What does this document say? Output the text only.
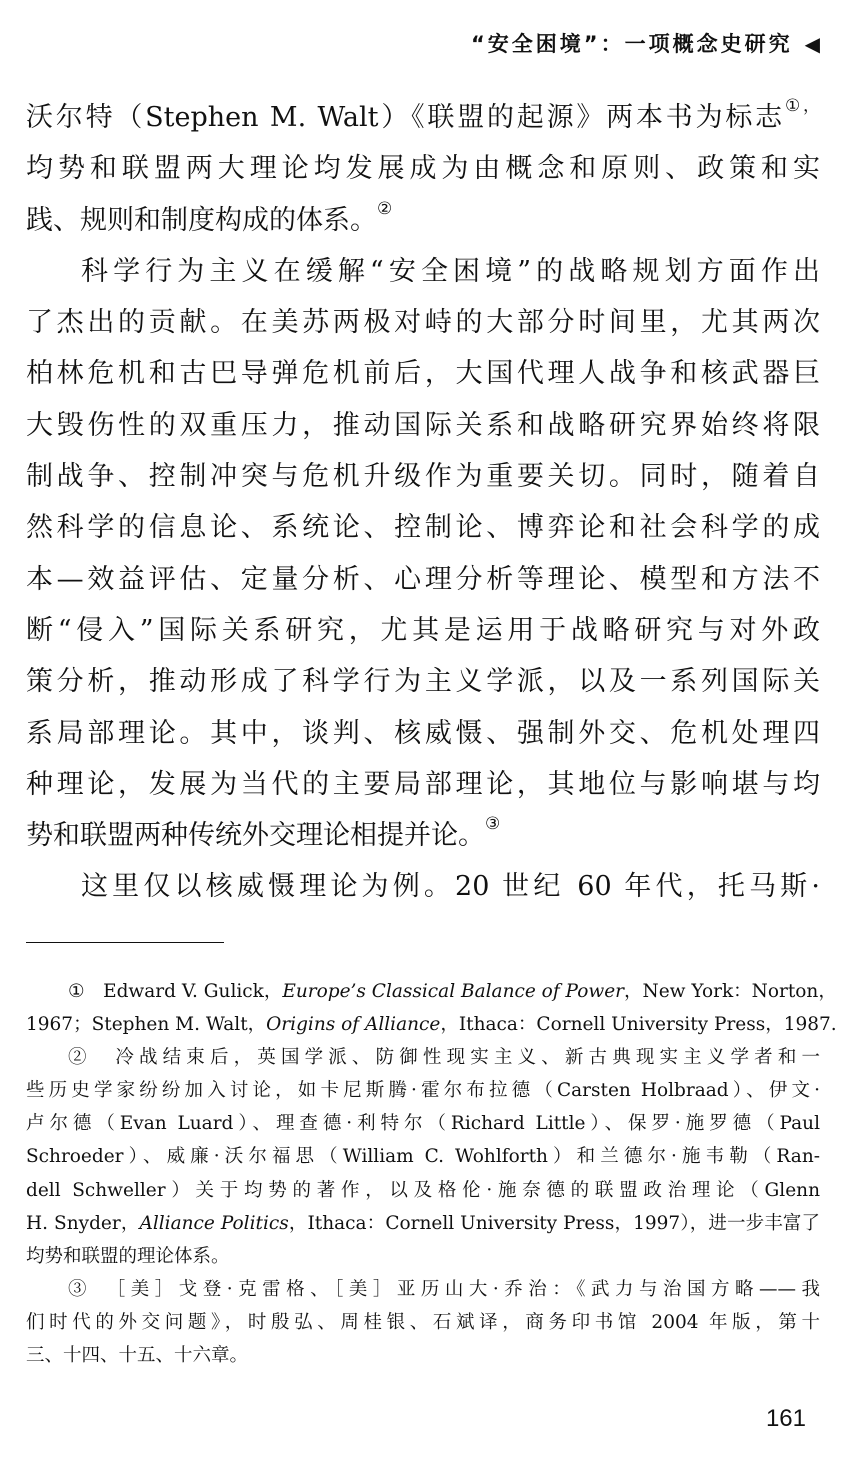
“安全困境”：一项概念史研究 ◀
沃尔特（Stephen M. Walt）《联盟的起源》两本书为标志①，
均势和联盟两大理论均发展成为由概念和原则、政策和实
践、规则和制度构成的体系。②
科学行为主义在缓解“安全困境”的战略规划方面作出
了杰出的贡献。在美苏两极对峙的大部分时间里，尤其两次
柏林危机和古巴导弹危机前后，大国代理人战争和核武器巨
大毁伤性的双重压力，推动国际关系和战略研究界始终将限
制战争、控制冲突与危机升级作为重要关切。同时，随着自
然科学的信息论、系统论、控制论、博弈论和社会科学的成
本—效益评估、定量分析、心理分析等理论、模型和方法不
断“侵入”国际关系研究，尤其是运用于战略研究与对外政
策分析，推动形成了科学行为主义学派，以及一系列国际关
系局部理论。其中，谈判、核威慑、强制外交、危机处理四
种理论，发展为当代的主要局部理论，其地位与影响堪与均
势和联盟两种传统外交理论相提并论。③
这里仅以核威慑理论为例。20 世纪 60 年代，托马斯·
①　Edward V. Gulick，Europe’s Classical Balance of Power，New York：Norton，
1967；Stephen M. Walt，Origins of Alliance，Ithaca：Cornell University Press，1987.
②　冷战结束后，英国学派、防御性现实主义、新古典现实主义学者和一
些历史学家纷纷加入讨论，如卡尼斯腾·霍尔布拉德（Carsten Holbraad）、伊文·
卢尔德（Evan Luard）、理查德·利特尔（Richard Little）、保罗·施罗德（Paul
Schroeder）、威廉·沃尔福思（William C. Wohlforth）和兰德尔·施韦勒（Ran-
dell Schweller）关于均势的著作，以及格伦·施奈德的联盟政治理论（Glenn
H. Snyder，Alliance Politics，Ithaca：Cornell University Press，1997），进一步丰富了
均势和联盟的理论体系。
③　［美］戈登·克雷格、［美］亚历山大·乔治：《武力与治国方略——我
们时代的外交问题》，时殷弘、周桂银、石斌译，商务印书馆 2004 年版，第十
三、十四、十五、十六章。
161
